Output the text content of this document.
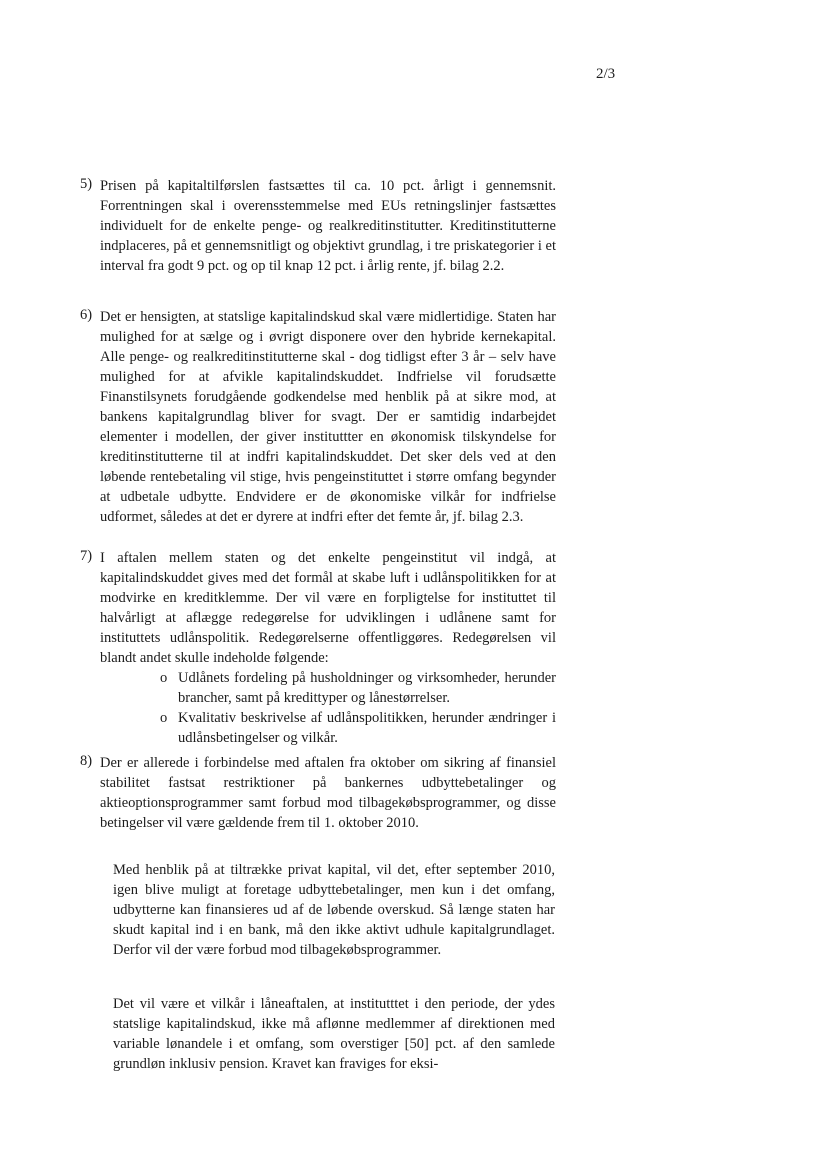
2/3
5) Prisen på kapitaltilførslen fastsættes til ca. 10 pct. årligt i gennemsnit. Forrentningen skal i overensstemmelse med EUs retningslinjer fastsættes individuelt for de enkelte penge- og realkreditinstitutter. Kreditinstitutterne indplaceres, på et gennemsnitligt og objektivt grundlag, i tre priskategorier i et interval fra godt 9 pct. og op til knap 12 pct. i årlig rente, jf. bilag 2.2.

6) Det er hensigten, at statslige kapitalindskud skal være midlertidige. Staten har mulighed for at sælge og i øvrigt disponere over den hybride kernekapital. Alle penge- og realkreditinstitutterne skal - dog tidligst efter 3 år – selv have mulighed for at afvikle kapitalindskuddet. Indfrielse vil forudsætte Finanstilsynets forudgående godkendelse med henblik på at sikre mod, at bankens kapitalgrundlag bliver for svagt. Der er samtidig indarbejdet elementer i modellen, der giver instituttter en økonomisk tilskyndelse for kreditinstitutterne til at indfri kapitalindskuddet. Det sker dels ved at den løbende rentebetaling vil stige, hvis pengeinstituttet i større omfang begynder at udbetale udbytte. Endvidere er de økonomiske vilkår for indfrielse udformet, således at det er dyrere at indfri efter det femte år, jf. bilag 2.3.

7) I aftalen mellem staten og det enkelte pengeinstitut vil indgå, at kapitalindskuddet gives med det formål at skabe luft i udlånspolitikken for at modvirke en kreditklemme. Der vil være en forpligtelse for instituttet til halvårligt at aflægge redegørelse for udviklingen i udlånene samt for instituttets udlånspolitik. Redegørelserne offentliggøres. Redegørelsen vil blandt andet skulle indeholde følgende:

o Udlånets fordeling på husholdninger og virksomheder, herunder brancher, samt på kredittyper og lånestørrelser.
o Kvalitativ beskrivelse af udlånspolitikken, herunder ændringer i udlånsbetingelser og vilkår.
8) Der er allerede i forbindelse med aftalen fra oktober om sikring af finansiel stabilitet fastsat restriktioner på bankernes udbyttebetalinger og aktieoptionsprogrammer samt forbud mod tilbagekøbsprogrammer, og disse betingelser vil være gældende frem til 1. oktober 2010.

Med henblik på at tiltrække privat kapital, vil det, efter september 2010, igen blive muligt at foretage udbyttebetalinger, men kun i det omfang, udbytterne kan finansieres ud af de løbende overskud. Så længe staten har skudt kapital ind i en bank, må den ikke aktivt udhule kapitalgrundlaget. Derfor vil der være forbud mod tilbagekøbsprogrammer.

Det vil være et vilkår i låneaftalen, at institutttet i den periode, der ydes statslige kapitalindskud, ikke må aflønne medlemmer af direktionen med variable lønandele i et omfang, som overstiger [50] pct. af den samlede grundløn inklusiv pension. Kravet kan fraviges for eksi-
